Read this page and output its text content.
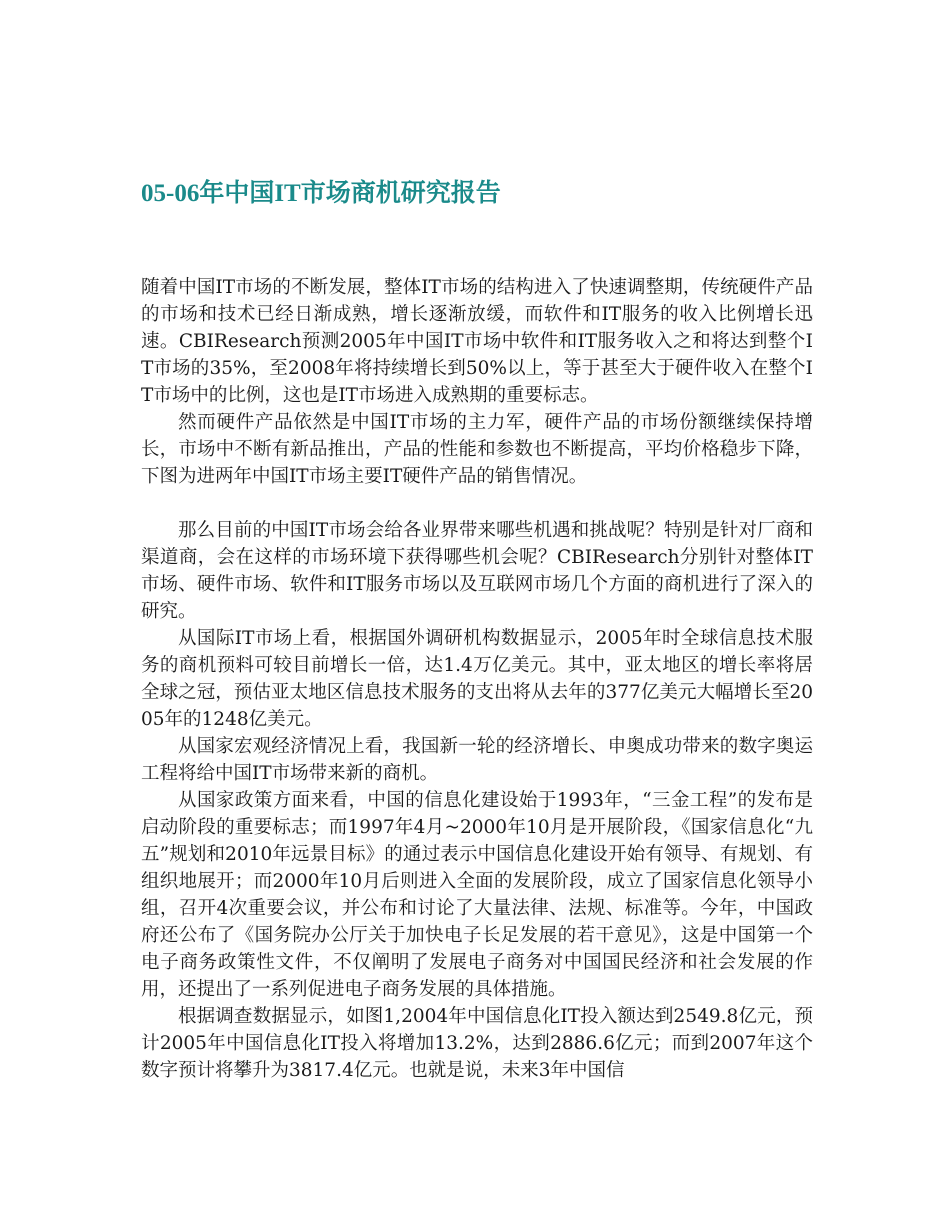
05-06年中国IT市场商机研究报告

随着中国IT市场的不断发展，整体IT市场的结构进入了快速调整期，传统硬件产品的市场和技术已经日渐成熟，增长逐渐放缓，而软件和IT服务的收入比例增长迅速。CBIResearch预测2005年中国IT市场中软件和IT服务收入之和将达到整个IT市场的35%，至2008年将持续增长到50%以上，等于甚至大于硬件收入在整个IT市场中的比例，这也是IT市场进入成熟期的重要标志。

然而硬件产品依然是中国IT市场的主力军，硬件产品的市场份额继续保持增长，市场中不断有新品推出，产品的性能和参数也不断提高，平均价格稳步下降，下图为进两年中国IT市场主要IT硬件产品的销售情况。

那么目前的中国IT市场会给各业界带来哪些机遇和挑战呢？特别是针对厂商和渠道商，会在这样的市场环境下获得哪些机会呢？CBIResearch分别针对整体IT市场、硬件市场、软件和IT服务市场以及互联网市场几个方面的商机进行了深入的研究。

从国际IT市场上看，根据国外调研机构数据显示，2005年时全球信息技术服务的商机预料可较目前增长一倍，达1.4万亿美元。其中，亚太地区的增长率将居全球之冠，预估亚太地区信息技术服务的支出将从去年的377亿美元大幅增长至2005年的1248亿美元。

从国家宏观经济情况上看，我国新一轮的经济增长、申奥成功带来的数字奥运工程将给中国IT市场带来新的商机。

从国家政策方面来看，中国的信息化建设始于1993年，“三金工程”的发布是启动阶段的重要标志；而1997年4月~2000年10月是开展阶段，《国家信息化“九五”规划和2010年远景目标》的通过表示中国信息化建设开始有领导、有规划、有组织地展开；而2000年10月后则进入全面的发展阶段，成立了国家信息化领导小组，召开4次重要会议，并公布和讨论了大量法律、法规、标准等。今年，中国政府还公布了《国务院办公厅关于加快电子长足发展的若干意见》，这是中国第一个电子商务政策性文件，不仅阐明了发展电子商务对中国国民经济和社会发展的作用，还提出了一系列促进电子商务发展的具体措施。

根据调查数据显示，如图1,2004年中国信息化IT投入额达到2549.8亿元，预计2005年中国信息化IT投入将增加13.2%，达到2886.6亿元；而到2007年这个数字预计将攀升为3817.4亿元。也就是说，未来3年中国信
